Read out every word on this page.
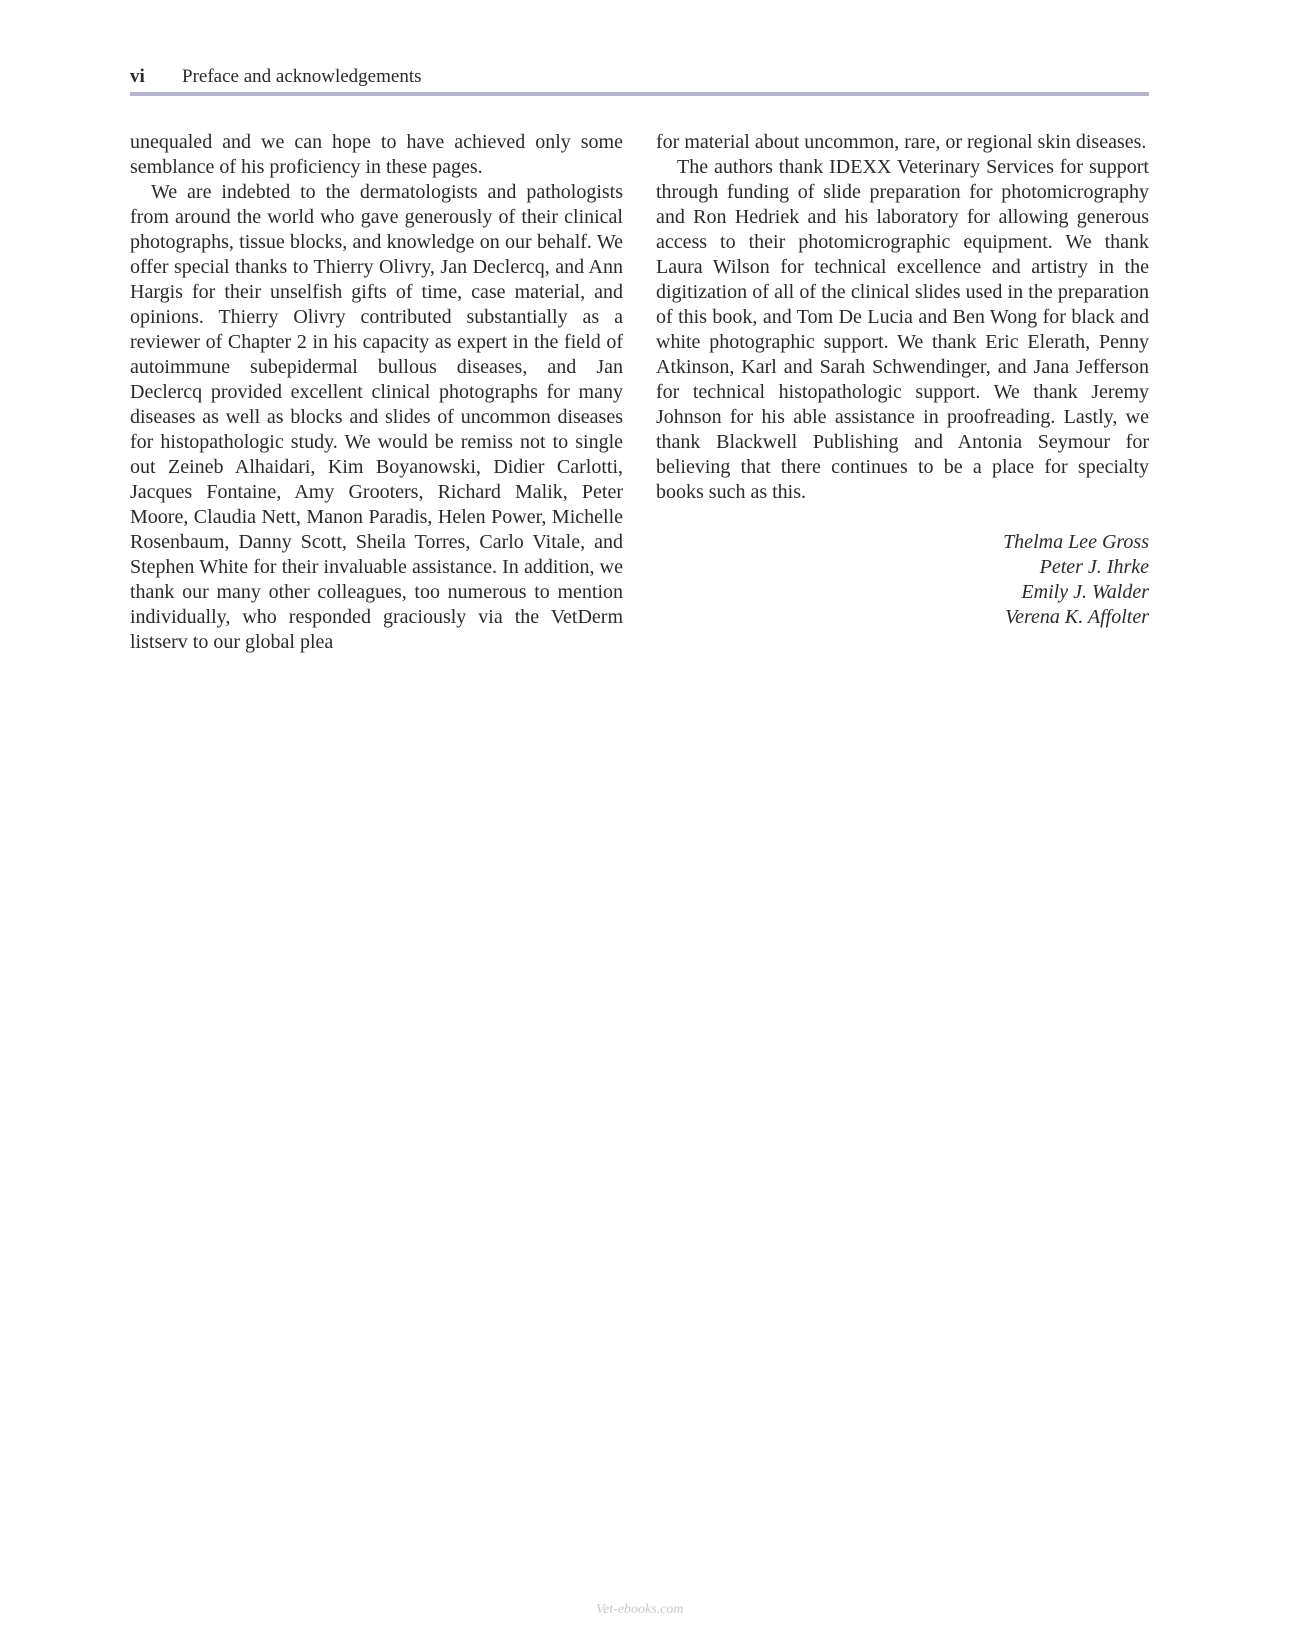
vi Preface and acknowledgements

unequaled and we can hope to have achieved only some semblance of his proficiency in these pages.

We are indebted to the dermatologists and pathologists from around the world who gave generously of their clinical photographs, tissue blocks, and knowledge on our behalf. We offer special thanks to Thierry Olivry, Jan Declercq, and Ann Hargis for their unselfish gifts of time, case material, and opinions. Thierry Olivry contributed substantially as a reviewer of Chapter 2 in his capacity as expert in the field of autoimmune subepidermal bullous diseases, and Jan Declercq provided excellent clinical photographs for many diseases as well as blocks and slides of uncommon diseases for histopathologic study. We would be remiss not to single out Zeineb Alhaidari, Kim Boyanowski, Didier Carlotti, Jacques Fontaine, Amy Grooters, Richard Malik, Peter Moore, Claudia Nett, Manon Paradis, Helen Power, Michelle Rosenbaum, Danny Scott, Sheila Torres, Carlo Vitale, and Stephen White for their invaluable assistance. In addition, we thank our many other colleagues, too numerous to mention individually, who responded graciously via the VetDerm listserv to our global plea

for material about uncommon, rare, or regional skin diseases.

The authors thank IDEXX Veterinary Services for support through funding of slide preparation for photomicrography and Ron Hedriek and his laboratory for allowing generous access to their photomicrographic equipment. We thank Laura Wilson for technical excellence and artistry in the digitization of all of the clinical slides used in the preparation of this book, and Tom De Lucia and Ben Wong for black and white photographic support. We thank Eric Elerath, Penny Atkinson, Karl and Sarah Schwendinger, and Jana Jefferson for technical histopathologic support. We thank Jeremy Johnson for his able assistance in proofreading. Lastly, we thank Blackwell Publishing and Antonia Seymour for believing that there continues to be a place for specialty books such as this.

Thelma Lee Gross
Peter J. Ihrke
Emily J. Walder
Verena K. Affolter
Vet-ebooks.com
